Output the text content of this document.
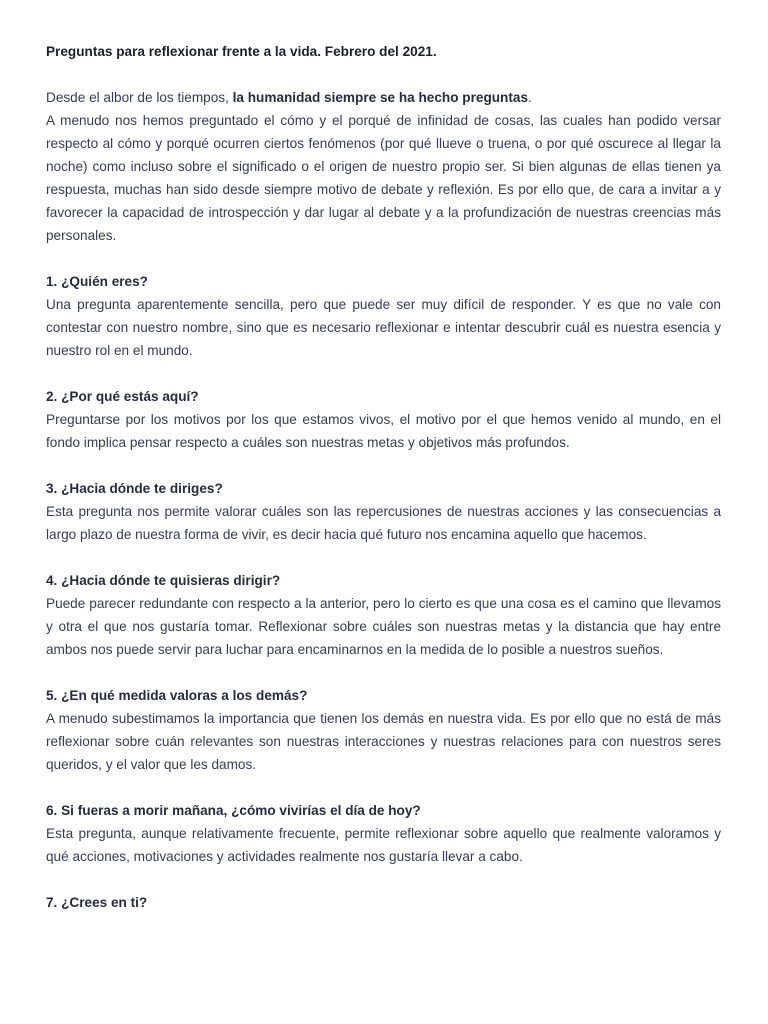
Preguntas para reflexionar frente a la vida. Febrero del 2021.

Desde el albor de los tiempos, la humanidad siempre se ha hecho preguntas.
A menudo nos hemos preguntado el cómo y el porqué de infinidad de cosas, las cuales han podido versar respecto al cómo y porqué ocurren ciertos fenómenos (por qué llueve o truena, o por qué oscurece al llegar la noche) como incluso sobre el significado o el origen de nuestro propio ser. Si bien algunas de ellas tienen ya respuesta, muchas han sido desde siempre motivo de debate y reflexión. Es por ello que, de cara a invitar a y favorecer la capacidad de introspección y dar lugar al debate y a la profundización de nuestras creencias más personales.

1. ¿Quién eres?

Una pregunta aparentemente sencilla, pero que puede ser muy difícil de responder. Y es que no vale con contestar con nuestro nombre, sino que es necesario reflexionar e intentar descubrir cuál es nuestra esencia y nuestro rol en el mundo.

2. ¿Por qué estás aquí?

Preguntarse por los motivos por los que estamos vivos, el motivo por el que hemos venido al mundo, en el fondo implica pensar respecto a cuáles son nuestras metas y objetivos más profundos.

3. ¿Hacia dónde te diriges?

Esta pregunta nos permite valorar cuáles son las repercusiones de nuestras acciones y las consecuencias a largo plazo de nuestra forma de vivir, es decir hacia qué futuro nos encamina aquello que hacemos.

4. ¿Hacia dónde te quisieras dirigir?

Puede parecer redundante con respecto a la anterior, pero lo cierto es que una cosa es el camino que llevamos y otra el que nos gustaría tomar. Reflexionar sobre cuáles son nuestras metas y la distancia que hay entre ambos nos puede servir para luchar para encaminarnos en la medida de lo posible a nuestros sueños.

5. ¿En qué medida valoras a los demás?

A menudo subestimamos la importancia que tienen los demás en nuestra vida. Es por ello que no está de más reflexionar sobre cuán relevantes son nuestras interacciones y nuestras relaciones para con nuestros seres queridos, y el valor que les damos.

6. Si fueras a morir mañana, ¿cómo vivirías el día de hoy?

Esta pregunta, aunque relativamente frecuente, permite reflexionar sobre aquello que realmente valoramos y qué acciones, motivaciones y actividades realmente nos gustaría llevar a cabo.

7. ¿Crees en ti?
